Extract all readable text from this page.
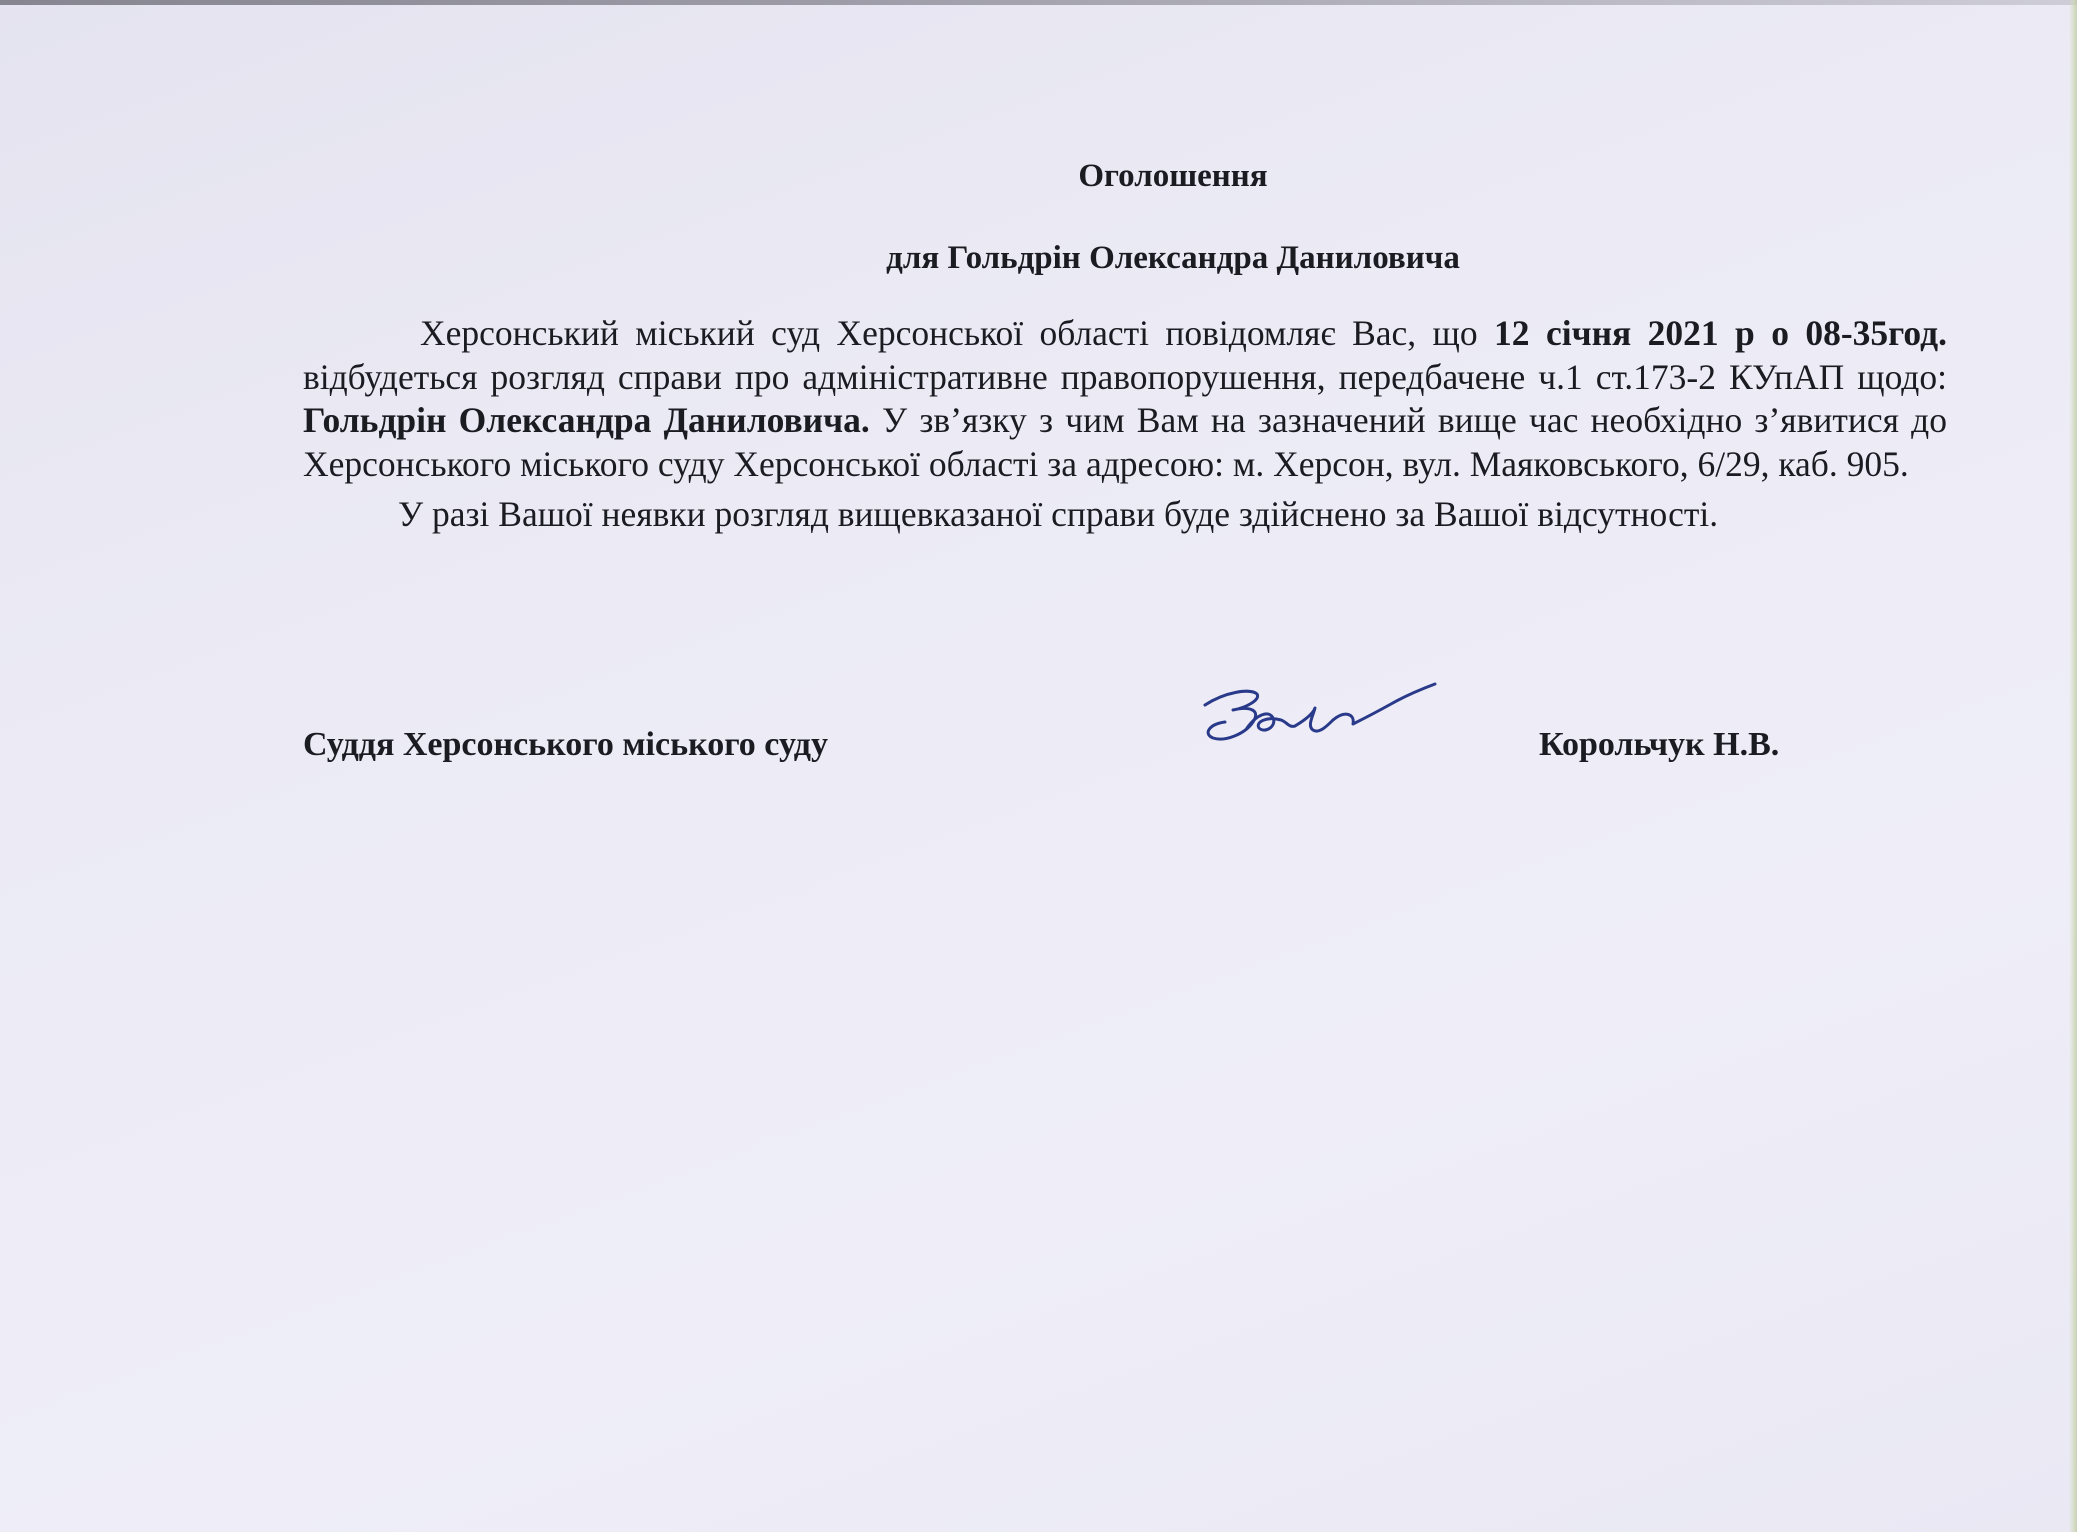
Оголошення

для Гольдрін Олександра Даниловича

Херсонський міський суд Херсонської області повідомляє Вас, що 12 січня 2021 р о 08-35год. відбудеться розгляд справи про адміністративне правопорушення, передбачене ч.1 ст.173-2 КУпАП щодо: Гольдрін Олександра Даниловича. У зв’язку з чим Вам на зазначений вище час необхідно з’явитися до Херсонського міського суду Херсонської області за адресою: м. Херсон, вул. Маяковського, 6/29, каб. 905.

У разі Вашої неявки розгляд вищевказаної справи буде здійснено за Вашої відсутності.

Суддя Херсонського міського суду	Корольчук Н.В.
